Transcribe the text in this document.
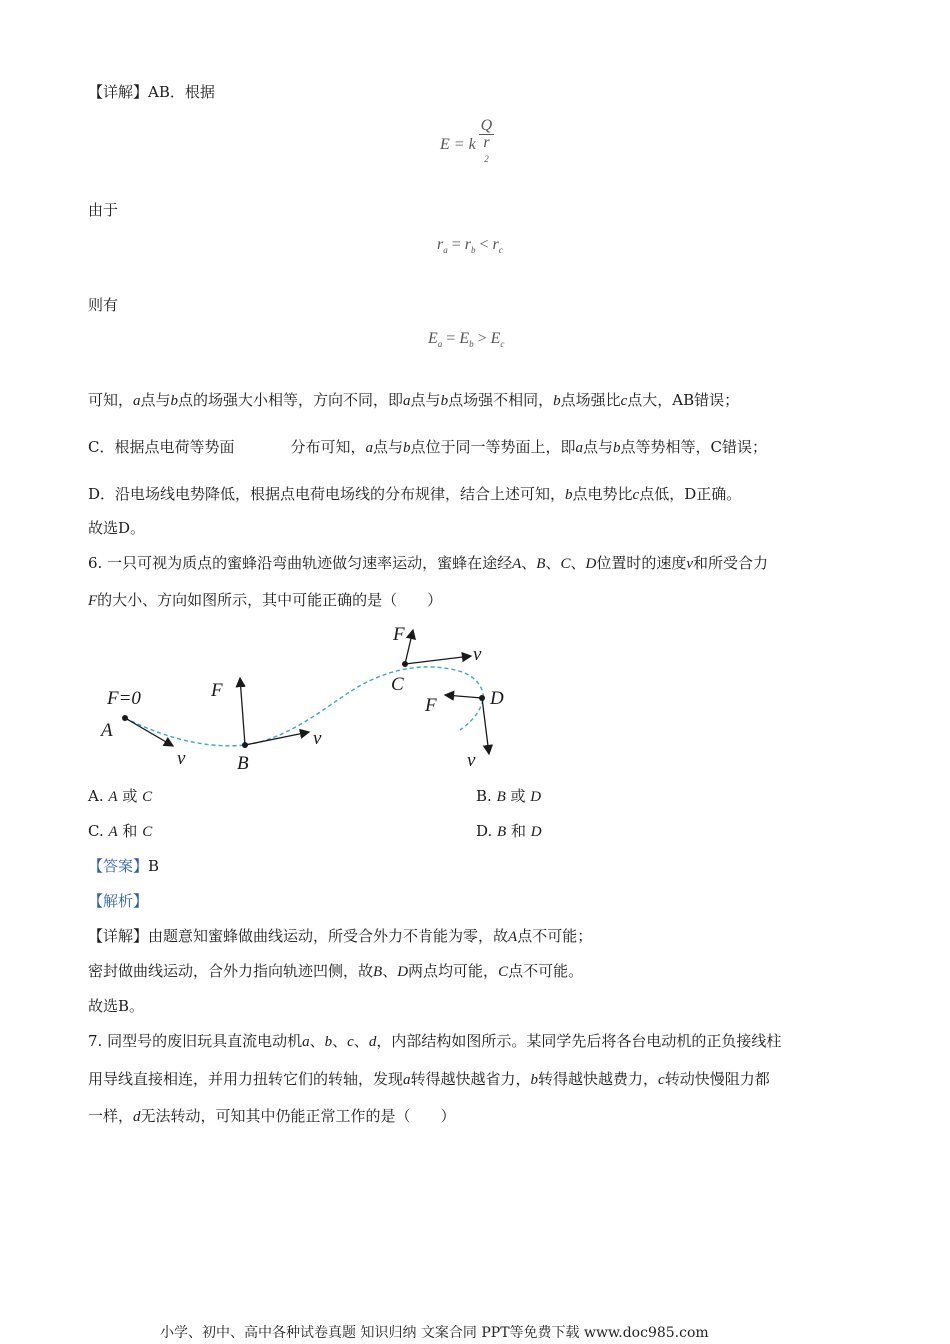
【详解】AB．根据
E = k Q
r
$^2$
由于
$r_a = r_b < r_c$
则有
$E_a = E_b > E_c$
可知，a点与b点的场强大小相等，方向不同，即a点与b点场强不相同，b点场强比c点大，AB错误；
C．根据点电荷等势面	分布可知，a点与b点位于同一等势面上，即a点与b点等势相等，C错误；
D．沿电场线电势降低，根据点电荷电场线的分布规律，结合上述可知，b点电势比c点低，D正确。
故选D。
6. 一只可视为质点的蜜蜂沿弯曲轨迹做匀速率运动，蜜蜂在途经A、B、C、D位置时的速度v和所受合力
F的大小、方向如图所示，其中可能正确的是（　　）
F=0
A
v
F
B
v
F
C
v
F	D
v
A. A 或 C	B. B 或 D
C. A 和 C	D. B 和 D
【答案】B
【解析】
【详解】由题意知蜜蜂做曲线运动，所受合外力不肯能为零，故A点不可能；
密封做曲线运动，合外力指向轨迹凹侧，故B、D两点均可能，C点不可能。
故选B。
7. 同型号的废旧玩具直流电动机a、b、c、d，内部结构如图所示。某同学先后将各台电动机的正负接线柱
用导线直接相连，并用力扭转它们的转轴，发现a转得越快越省力，b转得越快越费力，c转动快慢阻力都
一样，d无法转动，可知其中仍能正常工作的是（　　）
小学、初中、高中各种试卷真题 知识归纳 文案合同 PPT等免费下载 www.doc985.com
